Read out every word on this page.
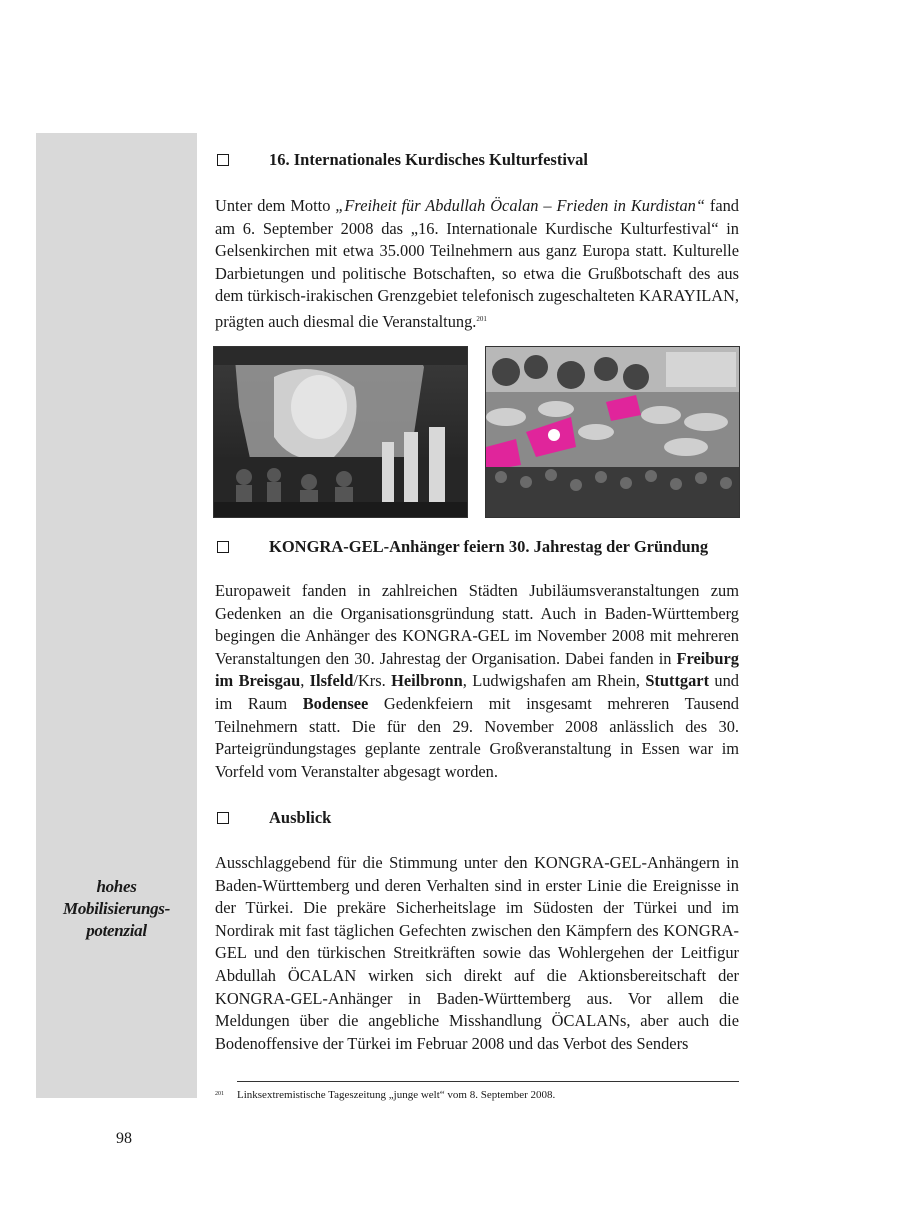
hohes
Mobilisierungs-
potenzial
16. Internationales Kurdisches Kulturfestival
Unter dem Motto „Freiheit für Abdullah Öcalan – Frieden in Kurdistan“ fand am 6. September 2008 das „16. Internationale Kurdische Kulturfestival“ in Gelsenkirchen mit etwa 35.000 Teilnehmern aus ganz Europa statt. Kulturelle Darbietungen und politische Botschaften, so etwa die Grußbotschaft des aus dem türkisch-irakischen Grenzgebiet telefonisch zugeschalteten KARAYILAN, prägten auch diesmal die Veranstaltung.$^{201}$
KONGRA-GEL-Anhänger feiern 30. Jahrestag der Gründung
Europaweit fanden in zahlreichen Städten Jubiläumsveranstaltungen zum Gedenken an die Organisationsgründung statt. Auch in Baden-Württemberg begingen die Anhänger des KONGRA-GEL im November 2008 mit mehreren Veranstaltungen den 30. Jahrestag der Organisation. Dabei fanden in Freiburg im Breisgau, Ilsfeld/Krs. Heilbronn, Ludwigshafen am Rhein, Stuttgart und im Raum Bodensee Gedenkfeiern mit insgesamt mehreren Tausend Teilnehmern statt. Die für den 29. November 2008 anlässlich des 30. Parteigründungstages geplante zentrale Großveranstaltung in Essen war im Vorfeld vom Veranstalter abgesagt worden.
Ausblick
Ausschlaggebend für die Stimmung unter den KONGRA-GEL-Anhängern in Baden-Württemberg und deren Verhalten sind in erster Linie die Ereignisse in der Türkei. Die prekäre Sicherheitslage im Südosten der Türkei und im Nordirak mit fast täglichen Gefechten zwischen den Kämpfern des KONGRA-GEL und den türkischen Streitkräften sowie das Wohlergehen der Leitfigur Abdullah ÖCALAN wirken sich direkt auf die Aktionsbereitschaft der KONGRA-GEL-Anhänger in Baden-Württemberg aus. Vor allem die Meldungen über die angebliche Misshandlung ÖCALANs, aber auch die Bodenoffensive der Türkei im Februar 2008 und das Verbot des Senders
201 Linksextremistische Tageszeitung „junge welt“ vom 8. September 2008.
98
